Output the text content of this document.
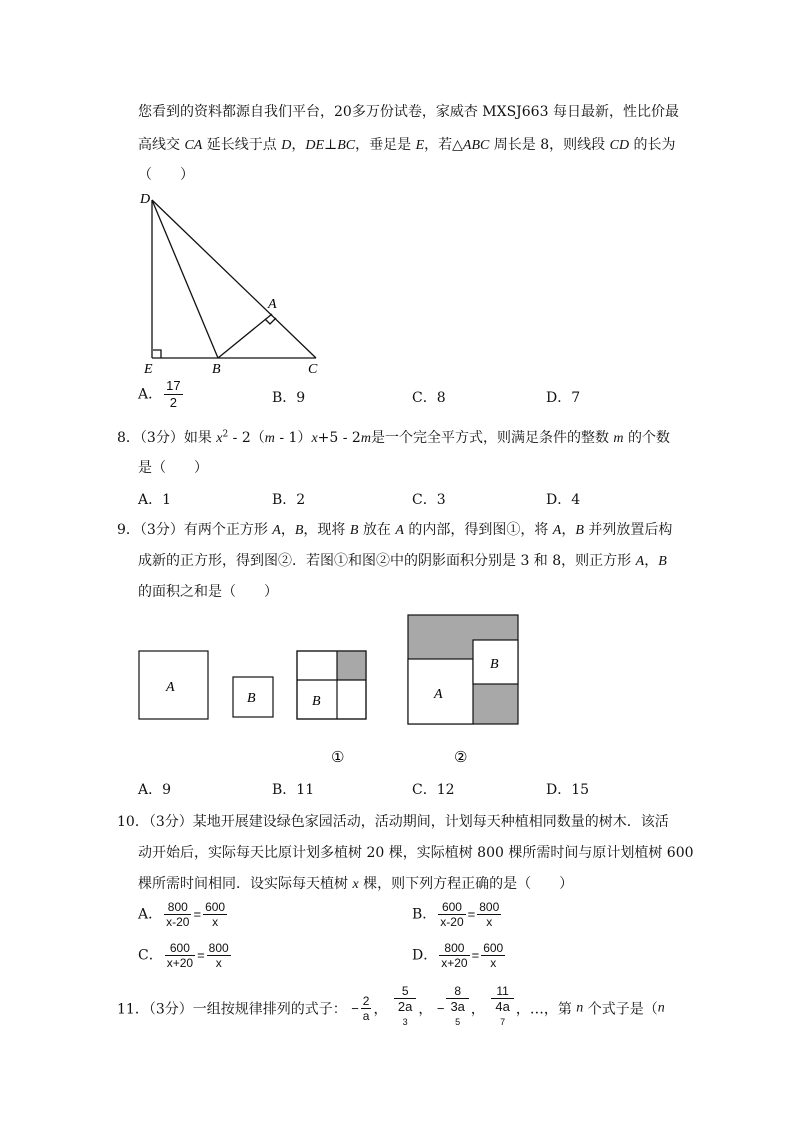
您看到的资料都源自我们平台，20多万份试卷，家威杏 MXSJ663 每日最新，性比价最
高线交 CA 延长线于点 D，DE⊥BC，垂足是 E，若△ABC 周长是 8，则线段 CD 的长为
（　　）
D
A
E	B	C
A． $\frac{17}{2}$	B．9	C．8	D．7
8．（3分）如果 $x^2 - 2(m - 1)x+5 - 2m$是一个完全平方式，则满足条件的整数 m 的个数
是（　　）
A．1	B．2	C．3	D．4
9．（3分）有两个正方形 A，B，现将 B 放在 A 的内部，得到图①，将 A，B 并列放置后构
成新的正方形，得到图②．若图①和图②中的阴影面积分别是 3 和 8，则正方形 A，B
的面积之和是（　　）
A
B	B	A
B
①	②
A．9	B．11	C．12	D．15
10．（3分）某地开展建设绿色家园活动，活动期间，计划每天种植相同数量的树木．该活
动开始后，实际每天比原计划多植树 20 棵，实际植树 800 棵所需时间与原计划植树 600
棵所需时间相同．设实际每天植树 x 棵，则下列方程正确的是（　　）
A． $\frac{800}{x-20} = \frac{600}{x}$	B． $\frac{600}{x-20} = \frac{800}{x}$
C． $\frac{600}{x+20} = \frac{800}{x}$	D． $\frac{800}{x+20} = \frac{600}{x}$
11．（3分）一组按规律排列的式子： − $\frac{2}{a}$ ， 5
2a
$^3$ ， − 8
3a
$^5$ ， 11
4a
$^7$ ，…，第 n 个式子是（n
